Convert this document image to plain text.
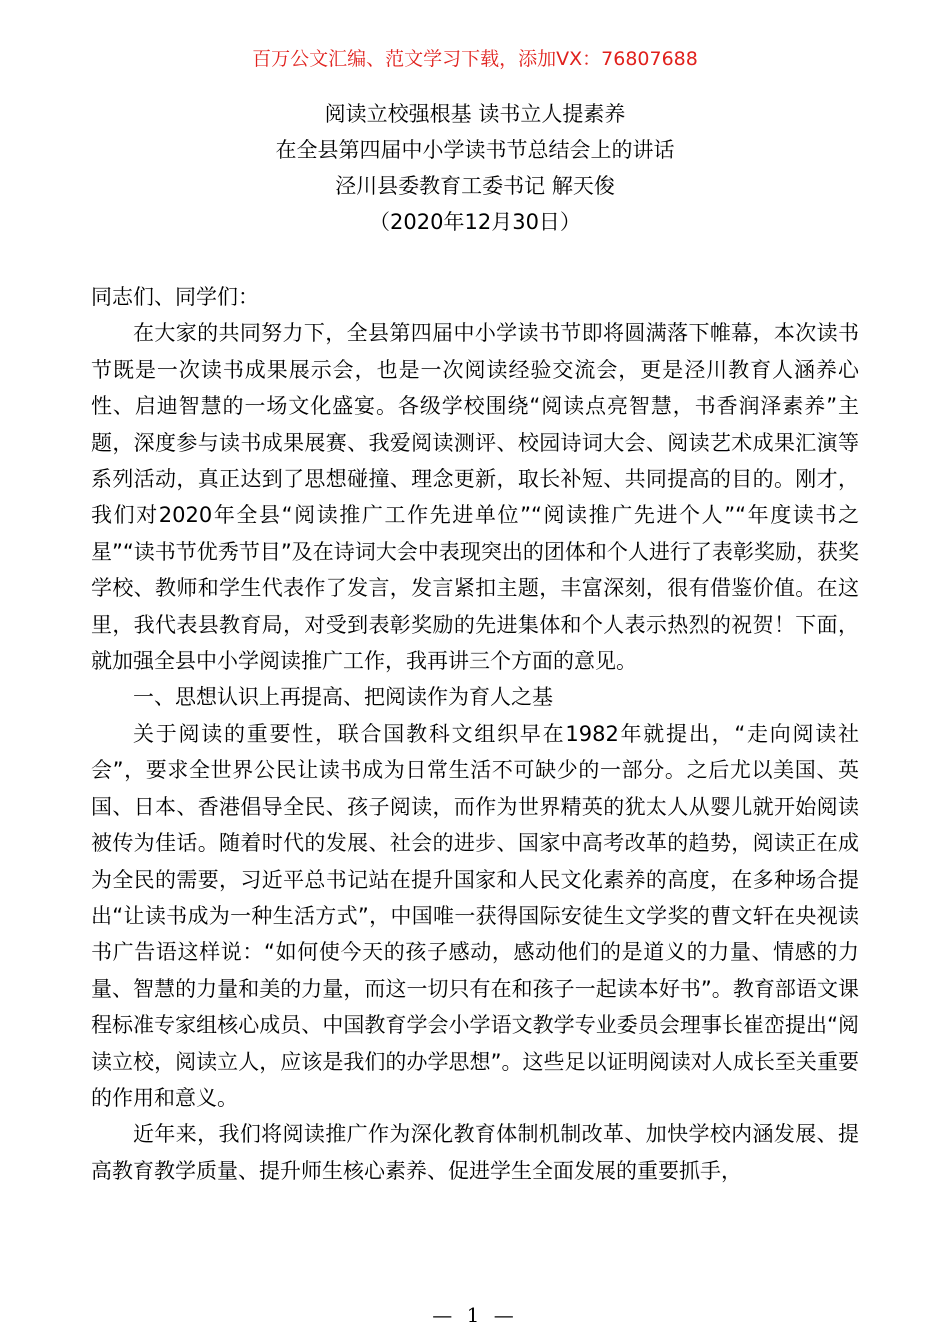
百万公文汇编、范文学习下载，添加VX：76807688
阅读立校强根基 读书立人提素养
在全县第四届中小学读书节总结会上的讲话
泾川县委教育工委书记 解天俊
（2020年12月30日）

同志们、同学们：

在大家的共同努力下，全县第四届中小学读书节即将圆满落下帷幕，本次读书节既是一次读书成果展示会，也是一次阅读经验交流会，更是泾川教育人涵养心性、启迪智慧的一场文化盛宴。各级学校围绕“阅读点亮智慧，书香润泽素养”主题，深度参与读书成果展赛、我爱阅读测评、校园诗词大会、阅读艺术成果汇演等系列活动，真正达到了思想碰撞、理念更新，取长补短、共同提高的目的。刚才，我们对2020年全县“阅读推广工作先进单位”“阅读推广先进个人”“年度读书之星”“读书节优秀节目”及在诗词大会中表现突出的团体和个人进行了表彰奖励，获奖学校、教师和学生代表作了发言，发言紧扣主题，丰富深刻，很有借鉴价值。在这里，我代表县教育局，对受到表彰奖励的先进集体和个人表示热烈的祝贺！下面，就加强全县中小学阅读推广工作，我再讲三个方面的意见。

一、思想认识上再提高、把阅读作为育人之基

关于阅读的重要性，联合国教科文组织早在1982年就提出，“走向阅读社会”，要求全世界公民让读书成为日常生活不可缺少的一部分。之后尤以美国、英国、日本、香港倡导全民、孩子阅读，而作为世界精英的犹太人从婴儿就开始阅读被传为佳话。随着时代的发展、社会的进步、国家中高考改革的趋势，阅读正在成为全民的需要，习近平总书记站在提升国家和人民文化素养的高度，在多种场合提出“让读书成为一种生活方式”，中国唯一获得国际安徒生文学奖的曹文轩在央视读书广告语这样说：“如何使今天的孩子感动，感动他们的是道义的力量、情感的力量、智慧的力量和美的力量，而这一切只有在和孩子一起读本好书”。教育部语文课程标准专家组核心成员、中国教育学会小学语文教学专业委员会理事长崔峦提出“阅读立校，阅读立人，应该是我们的办学思想”。这些足以证明阅读对人成长至关重要的作用和意义。

近年来，我们将阅读推广作为深化教育体制机制改革、加快学校内涵发展、提高教育教学质量、提升师生核心素养、促进学生全面发展的重要抓手，

— 1 —
